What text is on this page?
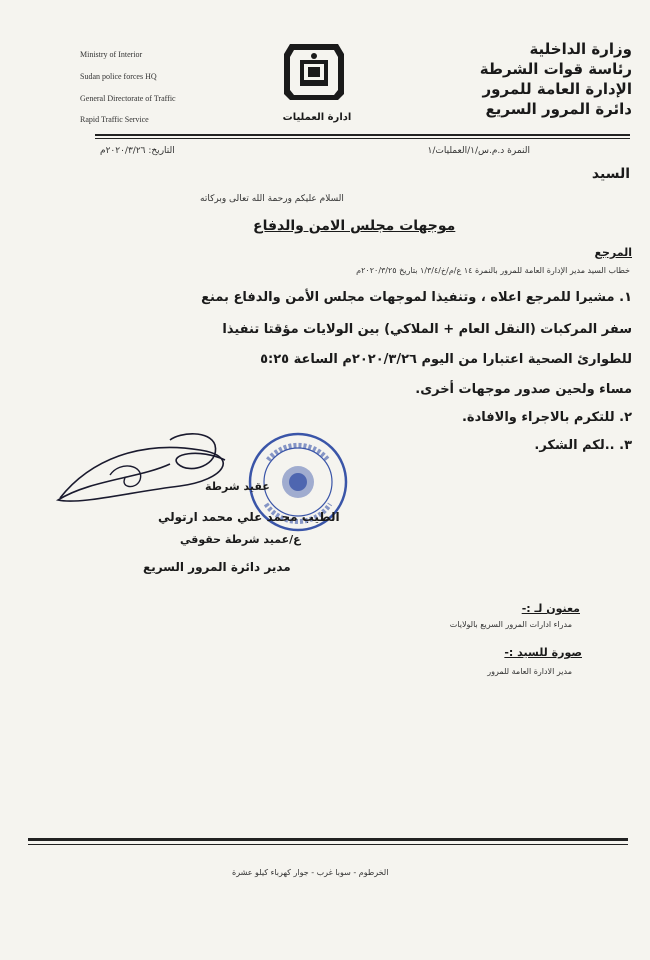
وزارة الداخلية
رئاسة قوات الشرطة
الإدارة العامة للمرور
دائرة المرور السريع
Ministry of Interior
Sudan police forces HQ
General Directorate of Traffic
Rapid Traffic Service	ادارة العمليات
النمرة د.م.س/١/العمليات/١
التاريخ: ٢٠٢٠/٣/٢٦م
السيد
السلام عليكم ورحمة الله تعالى وبركاته
موجهات مجلس الامن والدفاع
المرجع
خطاب السيد مدير الإدارة العامة للمرور بالنمرة ١٤ ع/م/خ/١/٣/٤ بتاريخ ٢٠٢٠/٣/٢٥م
١. مشيرا للمرجع اعلاه ، وتنفيذا لموجهات مجلس الأمن والدفاع بمنع
سفر المركبات (النقل العام + الملاكي) بين الولايات مؤقتا تنفيذا
للطوارئ الصحية اعتبارا من اليوم ٢٠٢٠/٣/٢٦م الساعة ٥:٢٥
مساء ولحين صدور موجهات أخرى.
٢. للتكرم بالاجراء والافادة.
٣. ..لكم الشكر.
عقيد شرطة
الطيب محمد علي محمد ارتولي
ع/عميد شرطة حقوقي
مدير دائرة المرور السريع
معنون لـ :-
مدراء ادارات المرور السريع بالولايات
صورة للسيد :-
مدير الادارة العامة للمرور
الخرطوم - سوبا غرب - جوار كهرباء كيلو عشرة
